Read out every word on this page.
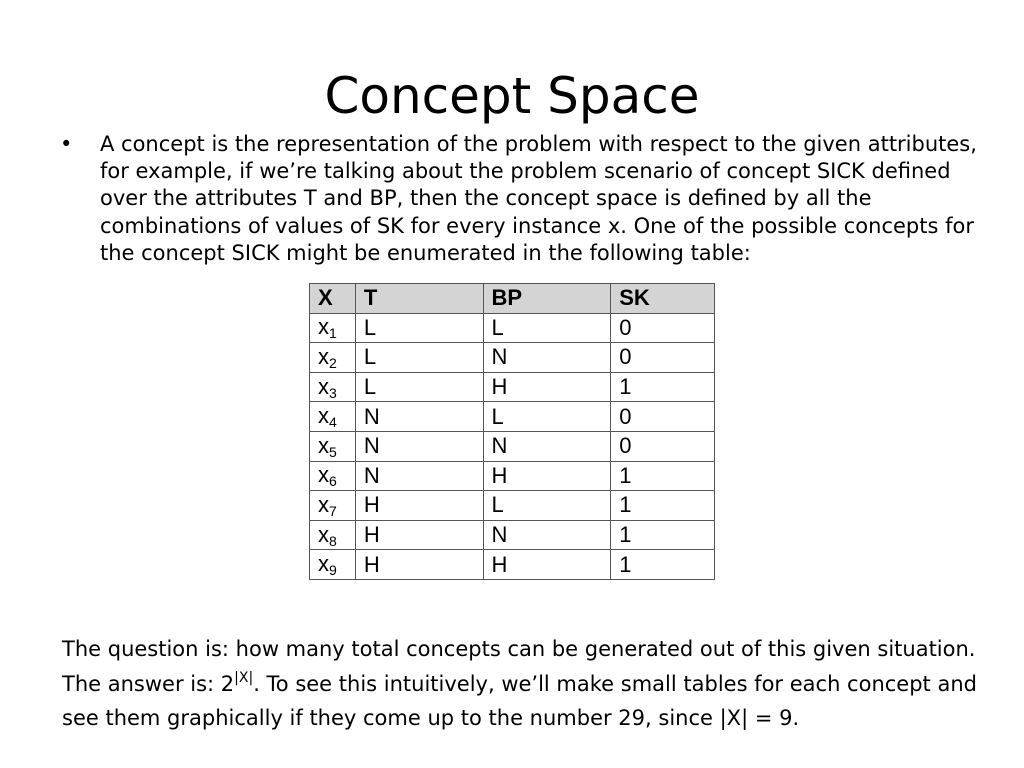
Concept Space
•	A concept is the representation of the problem with respect to the given attributes, for example, if we’re talking about the problem scenario of concept SICK defined over the attributes T and BP, then the concept space is defined by all the combinations of values of SK for every instance x. One of the possible concepts for the concept SICK might be enumerated in the following table:
X	T	BP	SK
x1	L	L	0
x2	L	N	0
x3	L	H	1
x4	N	L	0
x5	N	N	0
x6	N	H	1
x7	H	L	1
x8	H	N	1
x9	H	H	1
The question is: how many total concepts can be generated out of this given situation. The answer is: $2^{|X|}$. To see this intuitively, we’ll make small tables for each concept and see them graphically if they come up to the number 29, since |X| = 9.
